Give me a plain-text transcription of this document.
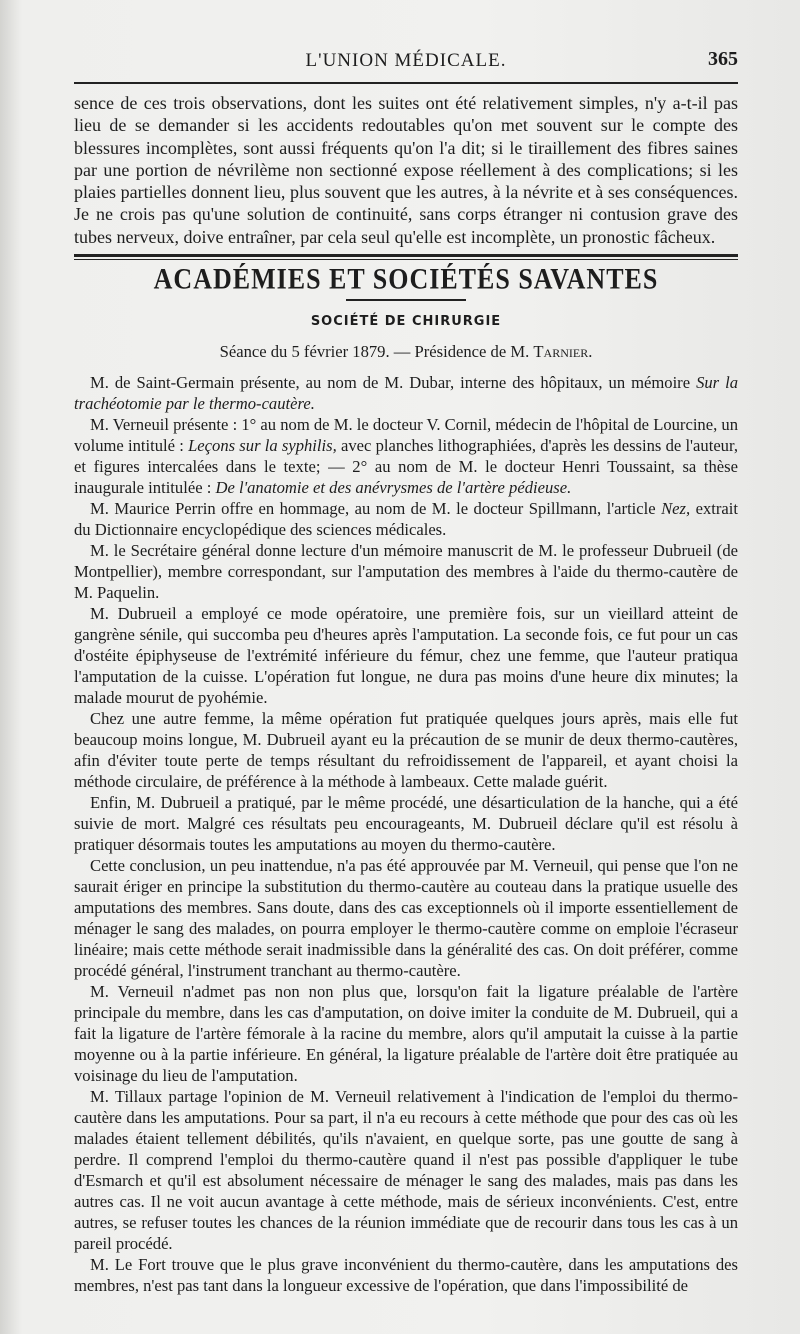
L'UNION MÉDICALE.	365

sence de ces trois observations, dont les suites ont été relativement simples, n'y a-t-il pas lieu de se demander si les accidents redoutables qu'on met souvent sur le compte des blessures incomplètes, sont aussi fréquents qu'on l'a dit; si le tiraillement des fibres saines par une portion de névrilème non sectionné expose réellement à des complications; si les plaies partielles donnent lieu, plus souvent que les autres, à la névrite et à ses conséquences. Je ne crois pas qu'une solution de continuité, sans corps étranger ni contusion grave des tubes nerveux, doive entraîner, par cela seul qu'elle est incomplète, un pronostic fâcheux.

ACADÉMIES ET SOCIÉTÉS SAVANTES
SOCIÉTÉ DE CHIRURGIE
Séance du 5 février 1879. — Présidence de M. Tarnier.

M. de Saint-Germain présente, au nom de M. Dubar, interne des hôpitaux, un mémoire Sur la trachéotomie par le thermo-cautère.

M. Verneuil présente : 1° au nom de M. le docteur V. Cornil, médecin de l'hôpital de Lourcine, un volume intitulé : Leçons sur la syphilis, avec planches lithographiées, d'après les dessins de l'auteur, et figures intercalées dans le texte; — 2° au nom de M. le docteur Henri Toussaint, sa thèse inaugurale intitulée : De l'anatomie et des anévrysmes de l'artère pédieuse.

M. Maurice Perrin offre en hommage, au nom de M. le docteur Spillmann, l'article Nez, extrait du Dictionnaire encyclopédique des sciences médicales.

M. le Secrétaire général donne lecture d'un mémoire manuscrit de M. le professeur Dubrueil (de Montpellier), membre correspondant, sur l'amputation des membres à l'aide du thermo-cautère de M. Paquelin.

M. Dubrueil a employé ce mode opératoire, une première fois, sur un vieillard atteint de gangrène sénile, qui succomba peu d'heures après l'amputation. La seconde fois, ce fut pour un cas d'ostéite épiphyseuse de l'extrémité inférieure du fémur, chez une femme, que l'auteur pratiqua l'amputation de la cuisse. L'opération fut longue, ne dura pas moins d'une heure dix minutes; la malade mourut de pyohémie.

Chez une autre femme, la même opération fut pratiquée quelques jours après, mais elle fut beaucoup moins longue, M. Dubrueil ayant eu la précaution de se munir de deux thermo-cautères, afin d'éviter toute perte de temps résultant du refroidissement de l'appareil, et ayant choisi la méthode circulaire, de préférence à la méthode à lambeaux. Cette malade guérit.

Enfin, M. Dubrueil a pratiqué, par le même procédé, une désarticulation de la hanche, qui a été suivie de mort. Malgré ces résultats peu encourageants, M. Dubrueil déclare qu'il est résolu à pratiquer désormais toutes les amputations au moyen du thermo-cautère.

Cette conclusion, un peu inattendue, n'a pas été approuvée par M. Verneuil, qui pense que l'on ne saurait ériger en principe la substitution du thermo-cautère au couteau dans la pratique usuelle des amputations des membres. Sans doute, dans des cas exceptionnels où il importe essentiellement de ménager le sang des malades, on pourra employer le thermo-cautère comme on emploie l'écraseur linéaire; mais cette méthode serait inadmissible dans la généralité des cas. On doit préférer, comme procédé général, l'instrument tranchant au thermo-cautère.

M. Verneuil n'admet pas non non plus que, lorsqu'on fait la ligature préalable de l'artère principale du membre, dans les cas d'amputation, on doive imiter la conduite de M. Dubrueil, qui a fait la ligature de l'artère fémorale à la racine du membre, alors qu'il amputait la cuisse à la partie moyenne ou à la partie inférieure. En général, la ligature préalable de l'artère doit être pratiquée au voisinage du lieu de l'amputation.

M. Tillaux partage l'opinion de M. Verneuil relativement à l'indication de l'emploi du thermo-cautère dans les amputations. Pour sa part, il n'a eu recours à cette méthode que pour des cas où les malades étaient tellement débilités, qu'ils n'avaient, en quelque sorte, pas une goutte de sang à perdre. Il comprend l'emploi du thermo-cautère quand il n'est pas possible d'appliquer le tube d'Esmarch et qu'il est absolument nécessaire de ménager le sang des malades, mais pas dans les autres cas. Il ne voit aucun avantage à cette méthode, mais de sérieux inconvénients. C'est, entre autres, se refuser toutes les chances de la réunion immédiate que de recourir dans tous les cas à un pareil procédé.

M. Le Fort trouve que le plus grave inconvénient du thermo-cautère, dans les amputations des membres, n'est pas tant dans la longueur excessive de l'opération, que dans l'impossibilité de
